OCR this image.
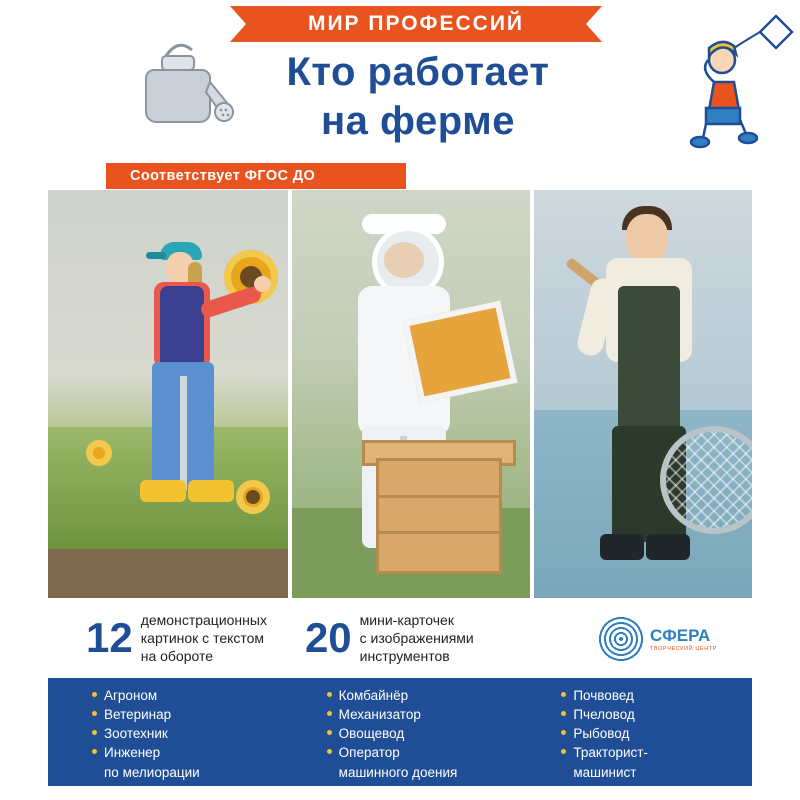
МИР ПРОФЕССИЙ
Кто работает
на ферме
Соответствует ФГОС ДО
12 демонстрационных
картинок с текстом
на обороте	20 мини-карточек
с изображениями
инструментов
СФЕРА
ТВОРЧЕСКИЙ ЦЕНТР
Агроном
Ветеринар
Зоотехник
Инженер
по мелиорации
Комбайнёр
Механизатор
Овощевод
Оператор
машинного доения
Почвовед
Пчеловод
Рыбовод
Тракторист-
машинист
